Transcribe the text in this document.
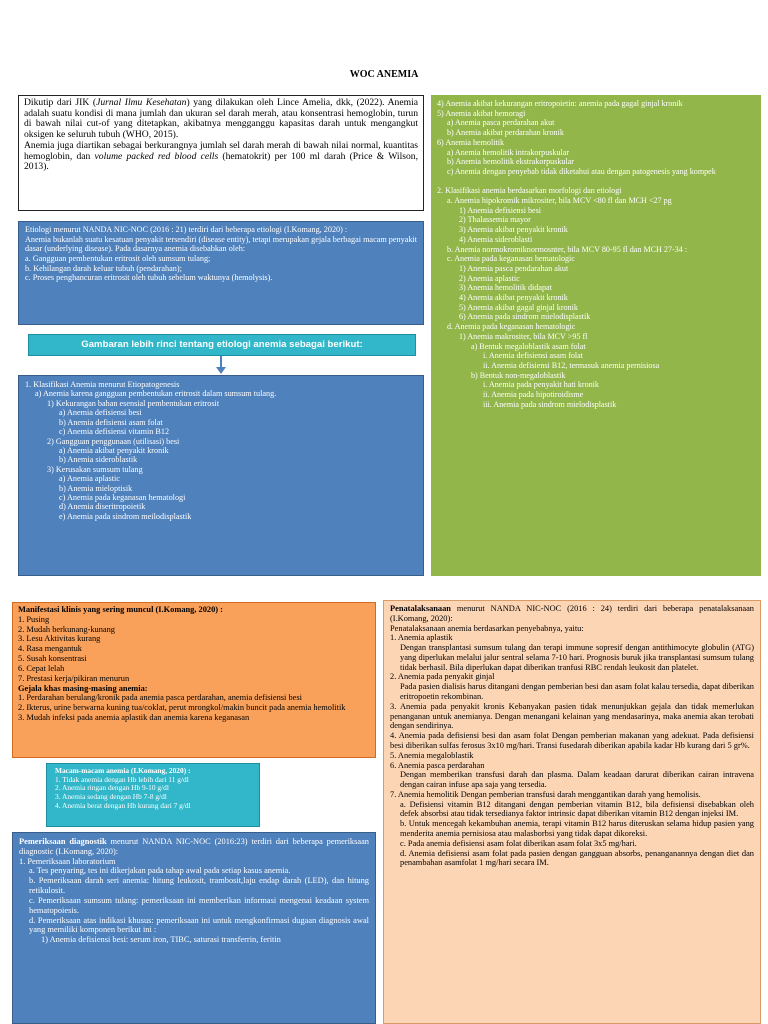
WOC ANEMIA

Dikutip dari JIK (Jurnal Ilmu Kesehatan) yang dilakukan oleh Lince Amelia, dkk, (2022). Anemia adalah suatu kondisi di mana jumlah dan ukuran sel darah merah, atau konsentrasi hemoglobin, turun di bawah nilai cut-of yang ditetapkan, akibatnya mengganggu kapasitas darah untuk mengangkut oksigen ke seluruh tubuh (WHO, 2015).

Anemia juga diartikan sebagai berkurangnya jumlah sel darah merah di bawah nilai normal, kuantitas hemoglobin, dan volume packed red blood cells (hematokrit) per 100 ml darah (Price & Wilson, 2013).

Etiologi menurut NANDA NIC-NOC (2016 : 21) terdiri dari beberapa etiologi (I.Komang, 2020) :

Anemia bukanlah suatu kesatuan penyakit tersendiri (disease entity), tetapi merupakan gejala berbagai macam penyakit dasar (underlying disease). Pada dasarnya anemia disebabkan oleh:

a. Gangguan pembentukan eritrosit oleh sumsum tulang;

b. Kehilangan darah keluar tubuh (pendarahan);

c. Proses penghancuran eritrosit oleh tubuh sebelum waktunya (hemolysis).

Gambaran lebih rinci tentang etiologi anemia sebagai berikut:
1. Klasifikasi Anemia menurut Etiopatogenesis
a) Anemia karena gangguan pembentukan eritrosit dalam sumsum tulang.
1) Kekurangan bahan esensial pembentukan eritrosit
a) Anemia defisiensi besi
b) Anemia defisiensi asam folat
c) Anemia defisiensi vitamin B12
2) Gangguan penggunaan (utilisasi) besi
a) Anemia akibat penyakit kronik
b) Anemia sideroblastik
3) Kerusakan sumsum tulang
a) Anemia aplastic
b) Anemia mieloptisik
c) Anemia pada keganasan hematologi
d) Anemia diseritropoietik
e) Anemia pada sindrom meilodisplastik
4) Anemia akibat kekurangan eritropoietin: anemia pada gagal ginjal kronik
5) Anemia akibat hemoragi
a) Anemia pasca perdarahan akut
b) Anemia akibat perdarahan kronik
6) Anemia hemolitik
a) Anemia hemolitik intrakorpuskular
b) Anemia hemolitik ekstrakorpuskular
c) Anemia dengan penyebab tidak diketahui atau dengan patogenesis yang kompek

2. Klasifikasi anemia berdasarkan morfologi dan etiologi
a. Anemia hipokromik mikrositer, bila MCV <80 fl dan MCH <27 pg
1) Anemia defisiensi besi
2) Thalassemia mayor
3) Anemia akibat penyakit kronik
4) Anemia sideroblasti
b. Anemia normokromiknormosnter, bila MCV 80-95 fl dan MCH 27-34 :
c. Anemia pada keganasan hematologic
1) Anemia pasca pendarahan akut
2) Anemia aplastic
3) Anemia hemolitik didapat
4) Anemia akibat penyakit kronik
5) Anemia akibat gagal ginjal kronik
6) Anemia pada sindrom mielodisplastik
d. Anemia pada keganasan hematologic
1) Anemia makrositer, bila MCV >95 fl
a) Bentuk megaloblastik asam folat
i. Anemia defisiensi asam folat
ii. Anemia defisiensi B12, termasuk anemia pernisiosa
b) Bentuk non-megaloblastik
i. Anemia pada penyakit hati kronik
ii. Anemia pada hipotiroidisme
iii. Anemia pada sindrom mielodisplastik

Manifestasi klinis yang sering muncul (I.Komang, 2020) :

1. Pusing

2. Mudah berkunang-kunang

3. Lesu Aktivitas kurang

4. Rasa mengantuk

5. Susah konsentrasi

6. Cepat lelah

7. Prestasi kerja/pikiran menurun

Gejala khas masing-masing anemia:

1. Perdarahan berulang/kronik pada anemia pasca perdarahan, anemia defisiensi besi

2. Ikterus, urine berwarna kuning tua/coklat, perut mrongkol/makin buncit pada anemia hemolitik

3. Mudah infeksi pada anemia aplastik dan anemia karena keganasan

Macam-macam anemia (I.Komang, 2020) :

1. Tidak anemia dengan Hb lebih dari 11 g/dl

2. Anemia ringan dengan Hb 9-10 g/dl

3. Anemia sedang dengan Hb 7-8 g/dl

4. Anemia berat dengan Hb kurang dari 7 g/dl

Pemeriksaan diagnostik menurut NANDA NIC-NOC (2016:23) terdiri dari beberapa pemeriksaan diagnostic (I.Komang, 2020):

1. Pemeriksaan laboratorium
a. Tes penyaring, tes ini dikerjakan pada tahap awal pada setiap kasus anemia.
b. Pemeriksaan darah seri anemia: hitung leukosit, trambosit,laju endap darah (LED), dan hitung retikulosit.
c. Pemeriksaan sumsum tulang: pemeriksaan ini memberikan informasi mengenai keadaan system hematopoiesis.
d. Pemeriksaan atas indikasi khusus: pemeriksaan ini untuk mengkonfirmasi dugaan diagnosis awal yang memiliki komponen berikut ini :
1) Anemia defisiensi besi: serum iron, TIBC, saturasi transferrin, feritin

Penatalaksanaan menurut NANDA NIC-NOC (2016 : 24) terdiri dari beberapa penatalaksanaan (I.Komang, 2020):

Penatalaksanaan anemia berdasarkan penyebabnya, yaitu:
1. Anemia aplastik
Dengan transplantasi sumsum tulang dan terapi immune sopresif dengan antithimocyte globulin (ATG) yang diperlukan melalui jalur sentral selama 7-10 hari. Prognosis buruk jika transplantasi sumsum tulang tidak berhasil. Bila diperlukan dapat diberikan tranfusi RBC rendah leukosit dan platelet.
2. Anemia pada penyakit ginjal
Pada pasien dialisis harus ditangani dengan pemberian besi dan asam folat kalau tersedia, dapat diberikan eritropoetin rekombinan.
3. Anemia pada penyakit kronis Kebanyakan pasien tidak menunjukkan gejala dan tidak memerlukan penanganan untuk anemianya. Dengan menangani kelainan yang mendasarinya, maka anemia akan terobati dengan sendirinya.
4. Anemia pada defisiensi besi dan asam folat Dengan pemberian makanan yang adekuat. Pada defisiensi besi diberikan sulfas ferosus 3x10 mg/hari. Transi fusedarah diberikan apabila kadar Hb kurang dari 5 gr%.
5. Anemia megaloblastik
6. Anemia pasca perdarahan
Dengan memberikan transfusi darah dan plasma. Dalam keadaan darurat diberikan cairan intravena dengan cairan infuse apa saja yang tersedia.
7. Anemia hemolitik Dengan pemberian transfusi darah menggantikan darah yang hemolisis.
a. Defisiensi vitamin B12 ditangani dengan pemberian vitamin B12, bila defisiensi disebabkan oleh defek absorbsi atau tidak tersedianya faktor intrinsic dapat diberikan vitamin B12 dengan injeksi IM.
b. Untuk mencegah kekambuhan anemia, terapi vitamin B12 harus diteruskan selama hidup pasien yang menderita anemia pernisiosa atau malasborbsi yang tidak dapat dikoreksi.
c. Pada anemia defisiensi asam folat diberikan asam folat 3x5 mg/hari.
d. Anemia defisiensi asam folat pada pasien dengan gangguan absorbs, penanganannya dengan diet dan penambahan asamfolat 1 mg/hari secara IM.
